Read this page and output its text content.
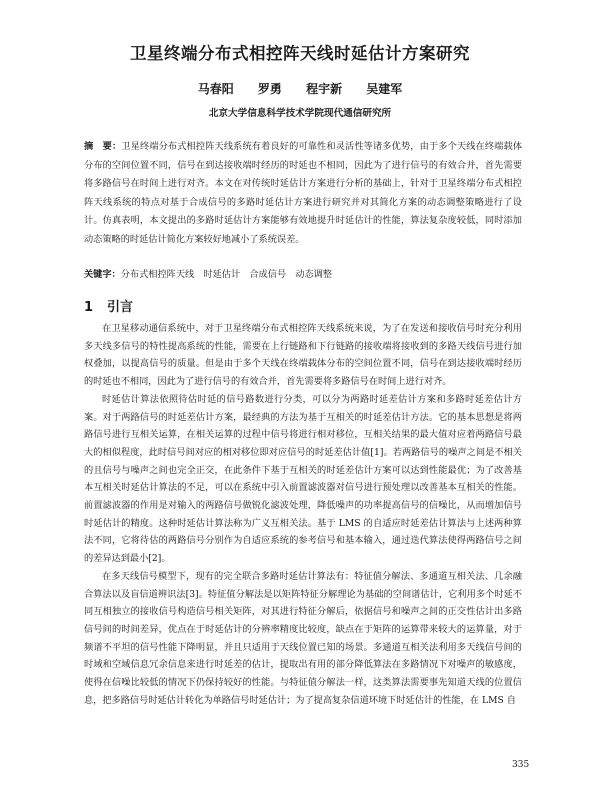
卫星终端分布式相控阵天线时延估计方案研究
马春阳 罗勇 程宇新 吴建军
北京大学信息科学技术学院现代通信研究所
摘　要：卫星终端分布式相控阵天线系统有着良好的可靠性和灵活性等诸多优势，由于多个天线在终端载体分布的空间位置不同，信号在到达接收端时经历的时延也不相同，因此为了进行信号的有效合并，首先需要将多路信号在时间上进行对齐。本文在对传统时延估计方案进行分析的基础上，针对于卫星终端分布式相控阵天线系统的特点对基于合成信号的多路时延估计方案进行研究并对其简化方案的动态调整策略进行了设计。仿真表明，本文提出的多路时延估计方案能够有效地提升时延估计的性能，算法复杂度较低，同时添加动态策略的时延估计简化方案较好地减小了系统误差。
关键字：分布式相控阵天线　时延估计　合成信号　动态调整
1 引言

在卫星移动通信系统中，对于卫星终端分布式相控阵天线系统来说，为了在发送和接收信号时充分利用多天线多信号的特性提高系统的性能，需要在上行链路和下行链路的接收端将接收到的多路天线信号进行加权叠加，以提高信号的质量。但是由于多个天线在终端载体分布的空间位置不同，信号在到达接收端时经历的时延也不相同，因此为了进行信号的有效合并，首先需要将多路信号在时间上进行对齐。

时延估计算法依照待估时延的信号路数进行分类，可以分为两路时延差估计方案和多路时延差估计方案。对于两路信号的时延差估计方案，最经典的方法为基于互相关的时延差估计方法。它的基本思想是将两路信号进行互相关运算，在相关运算的过程中信号将进行相对移位，互相关结果的最大值对应着两路信号最大的相似程度，此时信号间对应的相对移位即对应信号的时延差估计值[1]。若两路信号的噪声之间是不相关的且信号与噪声之间也完全正交，在此条件下基于互相关的时延差估计方案可以达到性能最优；为了改善基本互相关时延估计算法的不足，可以在系统中引入前置滤波器对信号进行预处理以改善基本互相关的性能。前置滤波器的作用是对输入的两路信号做锐化滤波处理，降低噪声的功率提高信号的信噪比，从而增加信号时延估计的精度。这种时延估计算法称为广义互相关法。基于 LMS 的自适应时延差估计算法与上述两种算法不同，它将待估的两路信号分别作为自适应系统的参考信号和基本输入，通过迭代算法使得两路信号之间的差异达到最小[2]。

在多天线信号模型下，现有的完全联合多路时延估计算法有：特征值分解法、多通道互相关法、几余融合算法以及盲信道辨识法[3]。特征值分解法是以矩阵特征分解理论为基础的空间谱估计，它利用多个时延不同互相独立的接收信号构造信号相关矩阵，对其进行特征分解后，依据信号和噪声之间的正交性估计出多路信号间的时间差异，优点在于时延估计的分辨率精度比较度，缺点在于矩阵的运算带来较大的运算量，对于频谱不平坦的信号性能下降明显，并且只适用于天线位置已知的场景。多通道互相关法利用多天线信号间的时域和空域信息冗余信息来进行时延差的估计，提取出有用的部分降低算法在多路情况下对噪声的敏感度，使得在信噪比较低的情况下仍保持较好的性能。与特征值分解法一样，这类算法需要事先知道天线的位置信息，把多路信号时延估计转化为单路信号时延估计；为了提高复杂信道环境下时延估计的性能，在 LMS 自

335
